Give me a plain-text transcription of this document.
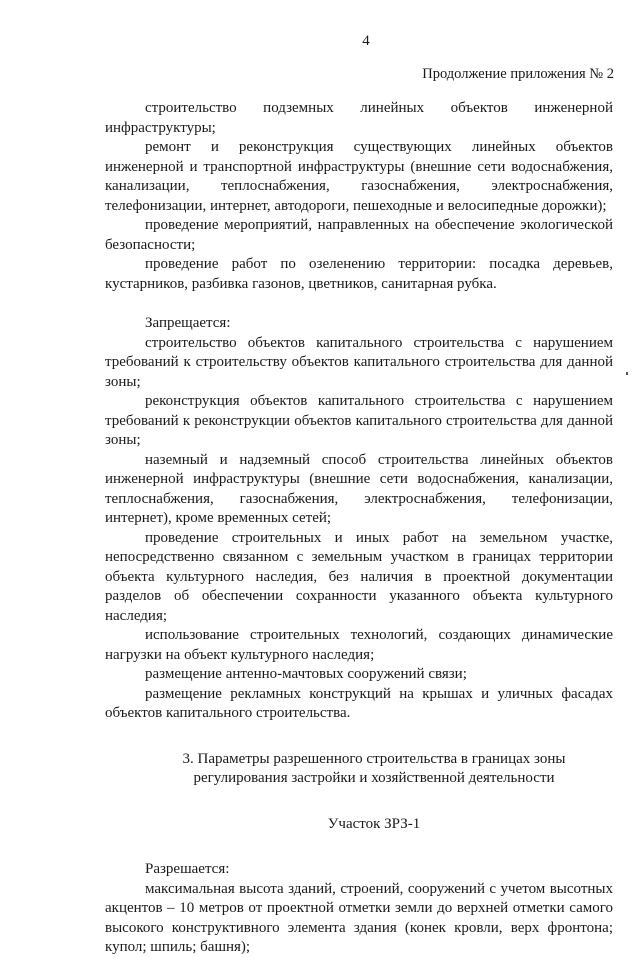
4
Продолжение приложения № 2

строительство подземных линейных объектов инженерной инфраструктуры;

ремонт и реконструкция существующих линейных объектов инженерной и транспортной инфраструктуры (внешние сети водоснабжения, канализации, теплоснабжения, газоснабжения, электроснабжения, телефонизации, интернет, автодороги, пешеходные и велосипедные дорожки);

проведение мероприятий, направленных на обеспечение экологической безопасности;

проведение работ по озеленению территории: посадка деревьев, кустарников, разбивка газонов, цветников, санитарная рубка.

Запрещается:

строительство объектов капитального строительства с нарушением требований к строительству объектов капитального строительства для данной зоны;

реконструкция объектов капитального строительства с нарушением требований к реконструкции объектов капитального строительства для данной зоны;

наземный и надземный способ строительства линейных объектов инженерной инфраструктуры (внешние сети водоснабжения, канализации, теплоснабжения, газоснабжения, электроснабжения, телефонизации, интернет), кроме временных сетей;

проведение строительных и иных работ на земельном участке, непосредственно связанном с земельным участком в границах территории объекта культурного наследия, без наличия в проектной документации разделов об обеспечении сохранности указанного объекта культурного наследия;

использование строительных технологий, создающих динамические нагрузки на объект культурного наследия;

размещение антенно-мачтовых сооружений связи;

размещение рекламных конструкций на крышах и уличных фасадах объектов капитального строительства.

3. Параметры разрешенного строительства в границах зоны

регулирования застройки и хозяйственной деятельности

Участок ЗРЗ-1

Разрешается:

максимальная высота зданий, строений, сооружений с учетом высотных акцентов – 10 метров от проектной отметки земли до верхней отметки самого высокого конструктивного элемента здания (конек кровли, верх фронтона; купол; шпиль; башня);
